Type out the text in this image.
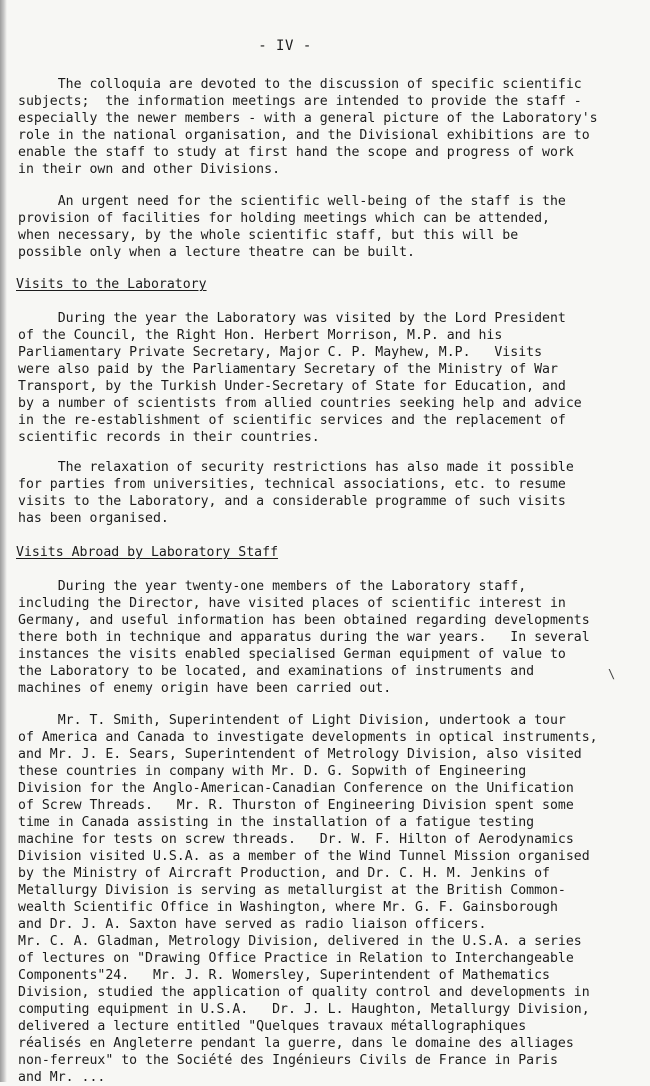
- IV -
The colloquia are devoted to the discussion of specific scientific
subjects;  the information meetings are intended to provide the staff -
especially the newer members - with a general picture of the Laboratory's
role in the national organisation, and the Divisional exhibitions are to
enable the staff to study at first hand the scope and progress of work
in their own and other Divisions.
An urgent need for the scientific well-being of the staff is the
provision of facilities for holding meetings which can be attended,
when necessary, by the whole scientific staff, but this will be
possible only when a lecture theatre can be built.
Visits to the Laboratory
During the year the Laboratory was visited by the Lord President
of the Council, the Right Hon. Herbert Morrison, M.P. and his
Parliamentary Private Secretary, Major C. P. Mayhew, M.P.   Visits
were also paid by the Parliamentary Secretary of the Ministry of War
Transport, by the Turkish Under-Secretary of State for Education, and
by a number of scientists from allied countries seeking help and advice
in the re-establishment of scientific services and the replacement of
scientific records in their countries.
The relaxation of security restrictions has also made it possible
for parties from universities, technical associations, etc. to resume
visits to the Laboratory, and a considerable programme of such visits
has been organised.
Visits Abroad by Laboratory Staff
During the year twenty-one members of the Laboratory staff,
including the Director, have visited places of scientific interest in
Germany, and useful information has been obtained regarding developments
there both in technique and apparatus during the war years.   In several
instances the visits enabled specialised German equipment of value to
the Laboratory to be located, and examinations of instruments and
machines of enemy origin have been carried out.
\
Mr. T. Smith, Superintendent of Light Division, undertook a tour
of America and Canada to investigate developments in optical instruments,
and Mr. J. E. Sears, Superintendent of Metrology Division, also visited
these countries in company with Mr. D. G. Sopwith of Engineering
Division for the Anglo-American-Canadian Conference on the Unification
of Screw Threads.   Mr. R. Thurston of Engineering Division spent some
time in Canada assisting in the installation of a fatigue testing
machine for tests on screw threads.   Dr. W. F. Hilton of Aerodynamics
Division visited U.S.A. as a member of the Wind Tunnel Mission organised
by the Ministry of Aircraft Production, and Dr. C. H. M. Jenkins of
Metallurgy Division is serving as metallurgist at the British Common-
wealth Scientific Office in Washington, where Mr. G. F. Gainsborough
and Dr. J. A. Saxton have served as radio liaison officers.
Mr. C. A. Gladman, Metrology Division, delivered in the U.S.A. a series
of lectures on "Drawing Office Practice in Relation to Interchangeable
Components"24.   Mr. J. R. Womersley, Superintendent of Mathematics
Division, studied the application of quality control and developments in
computing equipment in U.S.A.   Dr. J. L. Haughton, Metallurgy Division,
delivered a lecture entitled "Quelques travaux métallographiques
réalisés en Angleterre pendant la guerre, dans le domaine des alliages
non-ferreux" to the Société des Ingénieurs Civils de France in Paris
and Mr. ...
